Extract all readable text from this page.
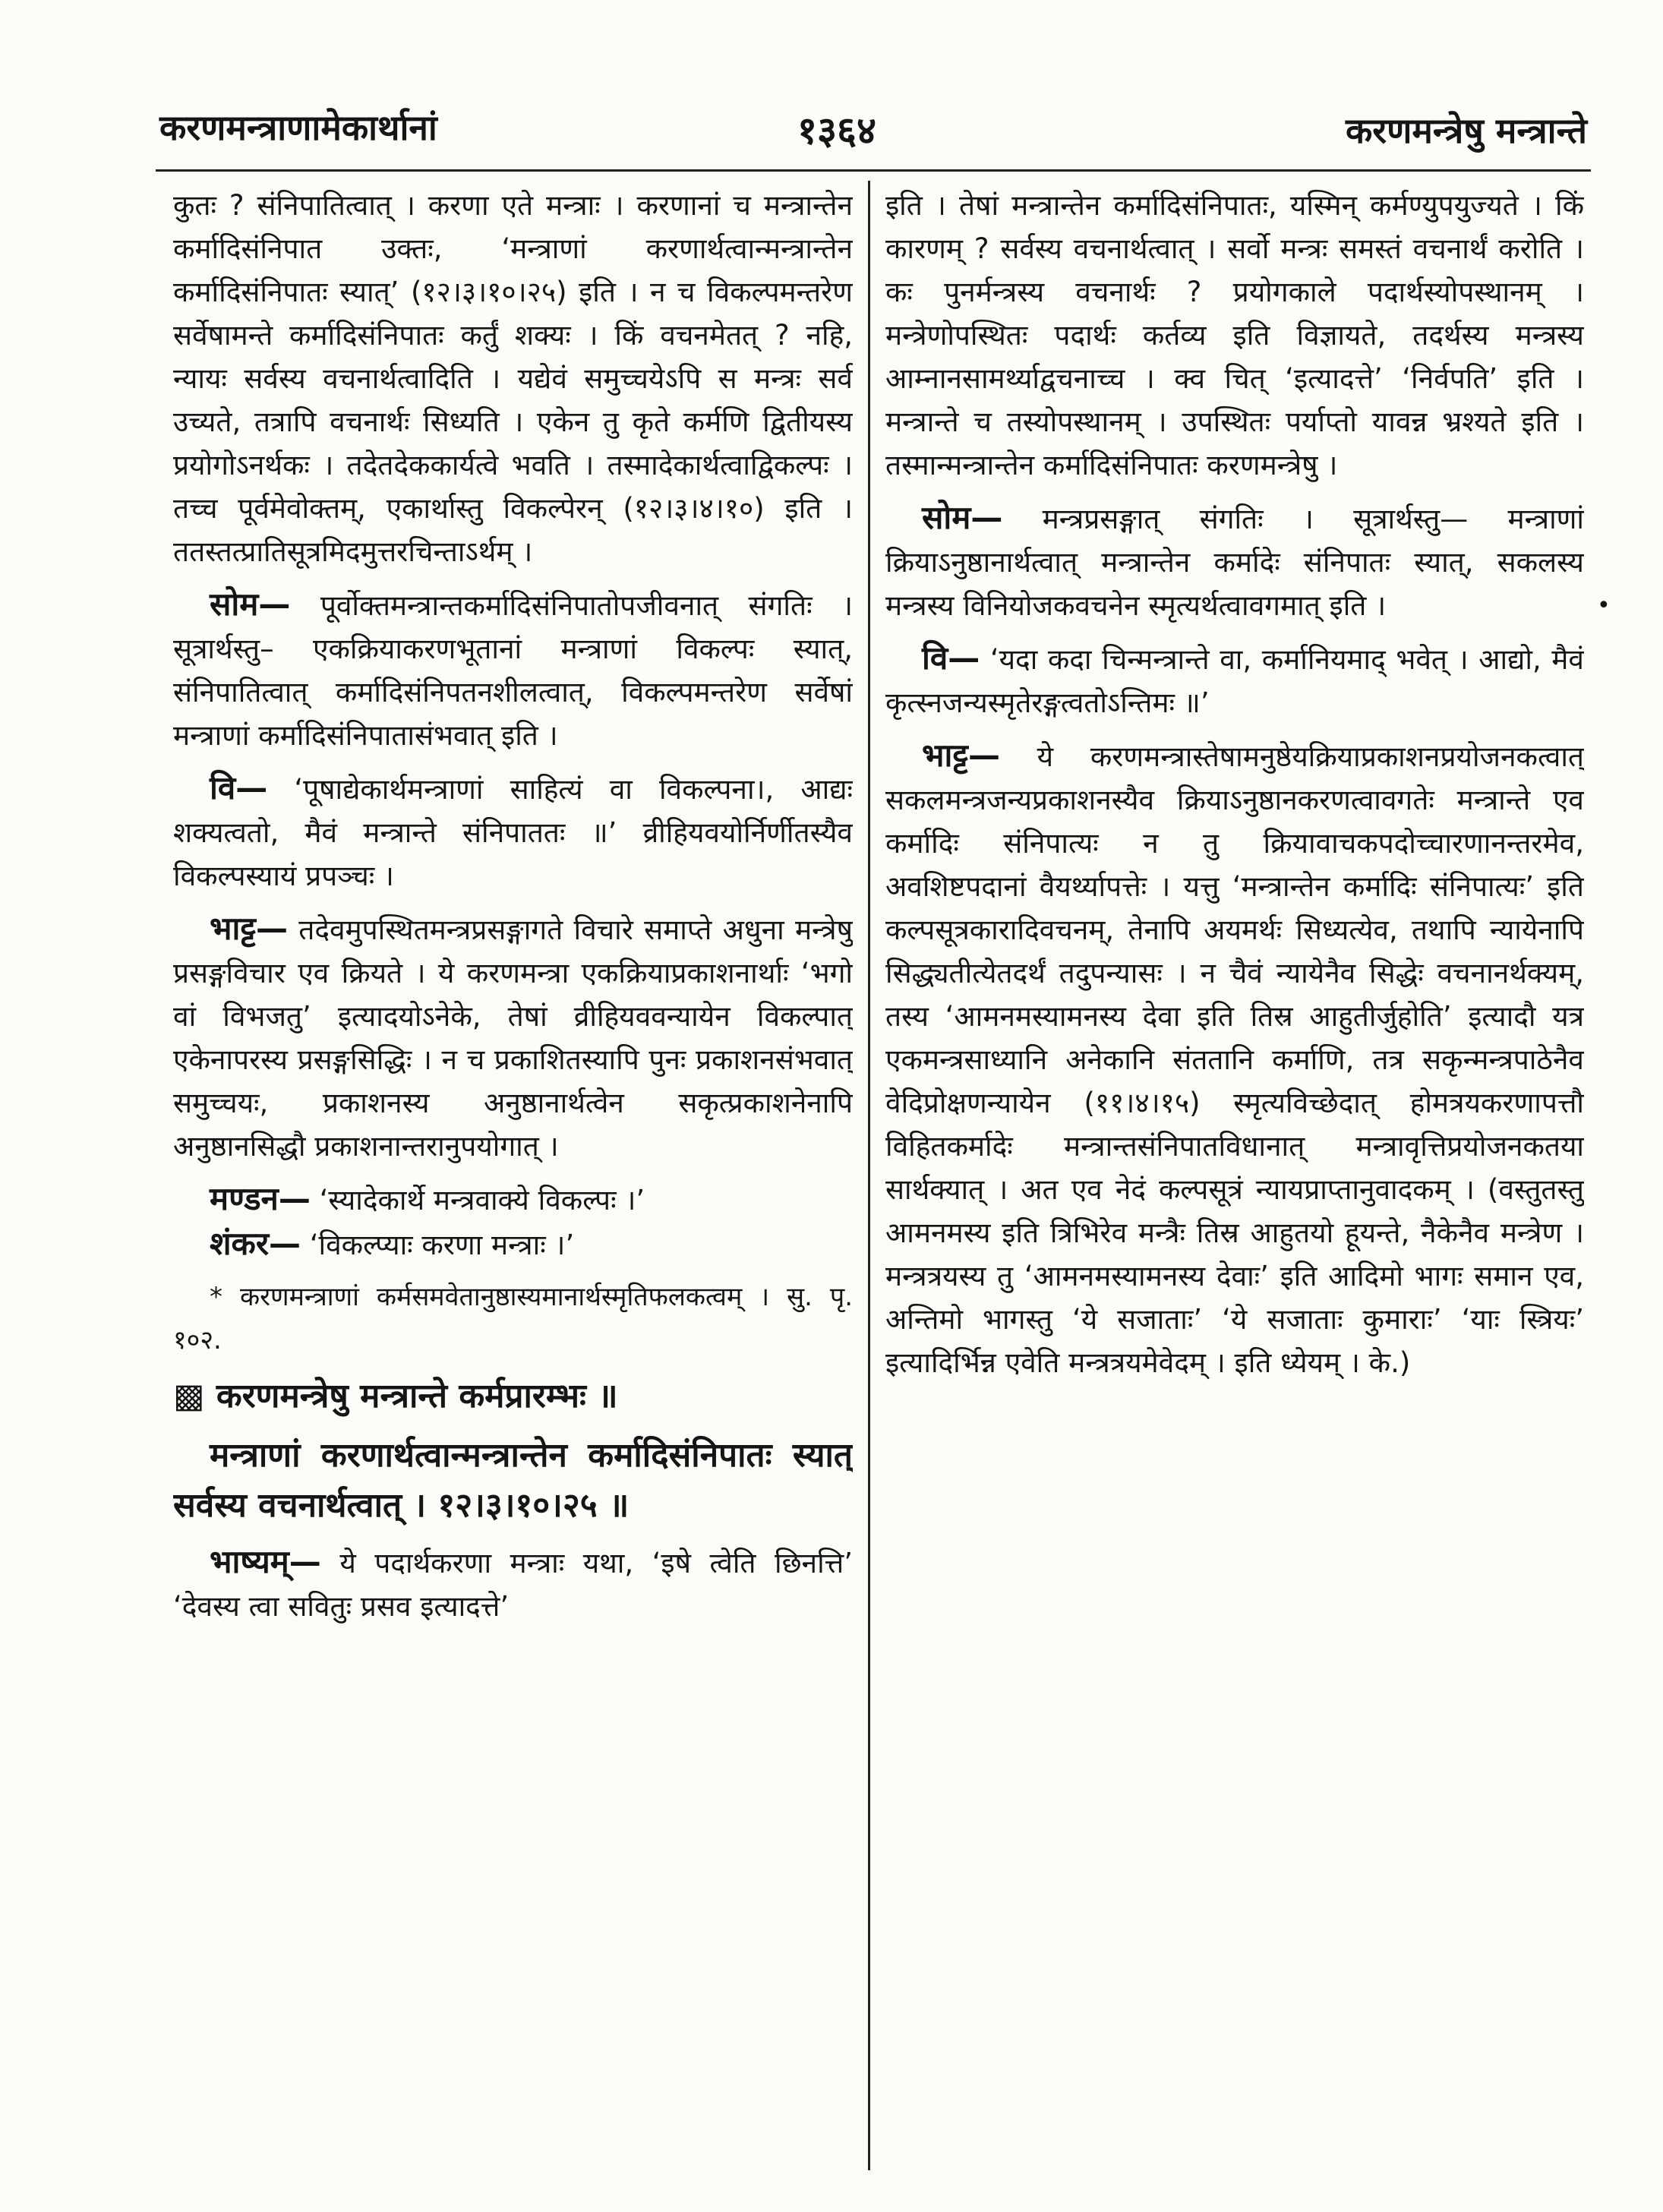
करणमन्त्राणामेकार्थानां	१३६४	करणमन्त्रेषु मन्त्रान्ते

कुतः ? संनिपातित्वात् । करणा एते मन्त्राः । करणानां च मन्त्रान्तेन कर्मादिसंनिपात उक्तः, ‘मन्त्राणां करणार्थत्वान्मन्त्रान्तेन कर्मादिसंनिपातः स्यात्’ (१२।३।१०।२५) इति । न च विकल्पमन्तरेण सर्वेषामन्ते कर्मादिसंनिपातः कर्तुं शक्यः । किं वचनमेतत् ? नहि, न्यायः सर्वस्य वचनार्थत्वादिति । यद्येवं समुच्चयेऽपि स मन्त्रः सर्व उच्यते, तत्रापि वचनार्थः सिध्यति । एकेन तु कृते कर्मणि द्वितीयस्य प्रयोगोऽनर्थकः । तदेतदेककार्यत्वे भवति । तस्मादेकार्थत्वाद्विकल्पः । तच्च पूर्वमेवोक्तम्, एकार्थास्तु विकल्पेरन् (१२।३।४।१०) इति । ततस्तत्प्रातिसूत्रमिदमुत्तरचिन्ताऽर्थम् ।

सोम— पूर्वोक्तमन्त्रान्तकर्मादिसंनिपातोपजीवनात् संगतिः । सूत्रार्थस्तु– एकक्रियाकरणभूतानां मन्त्राणां विकल्पः स्यात्, संनिपातित्वात् कर्मादिसंनिपतनशीलत्वात्, विकल्पमन्तरेण सर्वेषां मन्त्राणां कर्मादिसंनिपातासंभवात् इति ।

वि— ‘पूषाद्येकार्थमन्त्राणां साहित्यं वा विकल्पना।, आद्यः शक्यत्वतो, मैवं मन्त्रान्ते संनिपाततः ॥’ व्रीहियवयोर्निर्णीतस्यैव विकल्पस्यायं प्रपञ्चः ।

भाट्ट— तदेवमुपस्थितमन्त्रप्रसङ्गागते विचारे समाप्ते अधुना मन्त्रेषु प्रसङ्गविचार एव क्रियते । ये करणमन्त्रा एकक्रियाप्रकाशनार्थाः ‘भगो वां विभजतु’ इत्यादयोऽनेके, तेषां व्रीहियववन्यायेन विकल्पात् एकेनापरस्य प्रसङ्गसिद्धिः । न च प्रकाशितस्यापि पुनः प्रकाशनसंभवात् समुच्चयः, प्रकाशनस्य अनुष्ठानार्थत्वेन सकृत्प्रकाशनेनापि अनुष्ठानसिद्धौ प्रकाशनान्तरानुपयोगात् ।

मण्डन— ‘स्यादेकार्थे मन्त्रवाक्ये विकल्पः ।’

शंकर— ‘विकल्प्याः करणा मन्त्राः ।’

* करणमन्त्राणां कर्मसमवेतानुष्ठास्यमानार्थस्मृतिफलकत्वम् । सु. पृ. १०२.

▩ करणमन्त्रेषु मन्त्रान्ते कर्मप्रारम्भः ॥

मन्त्राणां करणार्थत्वान्मन्त्रान्तेन कर्मादिसंनिपातः स्यात् सर्वस्य वचनार्थत्वात् । १२।३।१०।२५ ॥

भाष्यम्— ये पदार्थकरणा मन्त्राः यथा, ‘इषे त्वेति छिनत्ति’ ‘देवस्य त्वा सवितुः प्रसव इत्यादत्ते’

इति । तेषां मन्त्रान्तेन कर्मादिसंनिपातः, यस्मिन् कर्मण्युपयुज्यते । किं कारणम् ? सर्वस्य वचनार्थत्वात् । सर्वो मन्त्रः समस्तं वचनार्थं करोति । कः पुनर्मन्त्रस्य वचनार्थः ? प्रयोगकाले पदार्थस्योपस्थानम् । मन्त्रेणोपस्थितः पदार्थः कर्तव्य इति विज्ञायते, तदर्थस्य मन्त्रस्य आम्नानसामर्थ्याद्वचनाच्च । क्व चित् ‘इत्यादत्ते’ ‘निर्वपति’ इति । मन्त्रान्ते च तस्योपस्थानम् । उपस्थितः पर्याप्तो यावन्न भ्रश्यते इति । तस्मान्मन्त्रान्तेन कर्मादिसंनिपातः करणमन्त्रेषु ।

सोम— मन्त्रप्रसङ्गात् संगतिः । सूत्रार्थस्तु— मन्त्राणां क्रियाऽनुष्ठानार्थत्वात् मन्त्रान्तेन कर्मादेः संनिपातः स्यात्, सकलस्य मन्त्रस्य विनियोजकवचनेन स्मृत्यर्थत्वावगमात् इति ।

वि— ‘यदा कदा चिन्मन्त्रान्ते वा, कर्मानियमाद् भवेत् । आद्यो, मैवं कृत्स्नजन्यस्मृतेरङ्गत्वतोऽन्तिमः ॥’

भाट्ट— ये करणमन्त्रास्तेषामनुष्ठेयक्रियाप्रकाशनप्रयोजनकत्वात् सकलमन्त्रजन्यप्रकाशनस्यैव क्रियाऽनुष्ठानकरणत्वावगतेः मन्त्रान्ते एव कर्मादिः संनिपात्यः न तु क्रियावाचकपदोच्चारणानन्तरमेव, अवशिष्टपदानां वैयर्थ्यापत्तेः । यत्तु ‘मन्त्रान्तेन कर्मादिः संनिपात्यः’ इति कल्पसूत्रकारादिवचनम्, तेनापि अयमर्थः सिध्यत्येव, तथापि न्यायेनापि सिद्ध्यतीत्येतदर्थं तदुपन्यासः । न चैवं न्यायेनैव सिद्धेः वचनानर्थक्यम्, तस्य ‘आमनमस्यामनस्य देवा इति तिस्र आहुतीर्जुहोति’ इत्यादौ यत्र एकमन्त्रसाध्यानि अनेकानि संततानि कर्माणि, तत्र सकृन्मन्त्रपाठेनैव वेदिप्रोक्षणन्यायेन (११।४।१५) स्मृत्यविच्छेदात् होमत्रयकरणापत्तौ विहितकर्मादेः मन्त्रान्तसंनिपातविधानात् मन्त्रावृत्तिप्रयोजनकतया सार्थक्यात् । अत एव नेदं कल्पसूत्रं न्यायप्राप्तानुवादकम् । (वस्तुतस्तु आमनमस्य इति त्रिभिरेव मन्त्रैः तिस्र आहुतयो हूयन्ते, नैकेनैव मन्त्रेण । मन्त्रत्रयस्य तु ‘आमनमस्यामनस्य देवाः’ इति आदिमो भागः समान एव, अन्तिमो भागस्तु ‘ये सजाताः’ ‘ये सजाताः कुमाराः’ ‘याः स्त्रियः’ इत्यादिर्भिन्न एवेति मन्त्रत्रयमेवेदम् । इति ध्येयम् । के.)

•
